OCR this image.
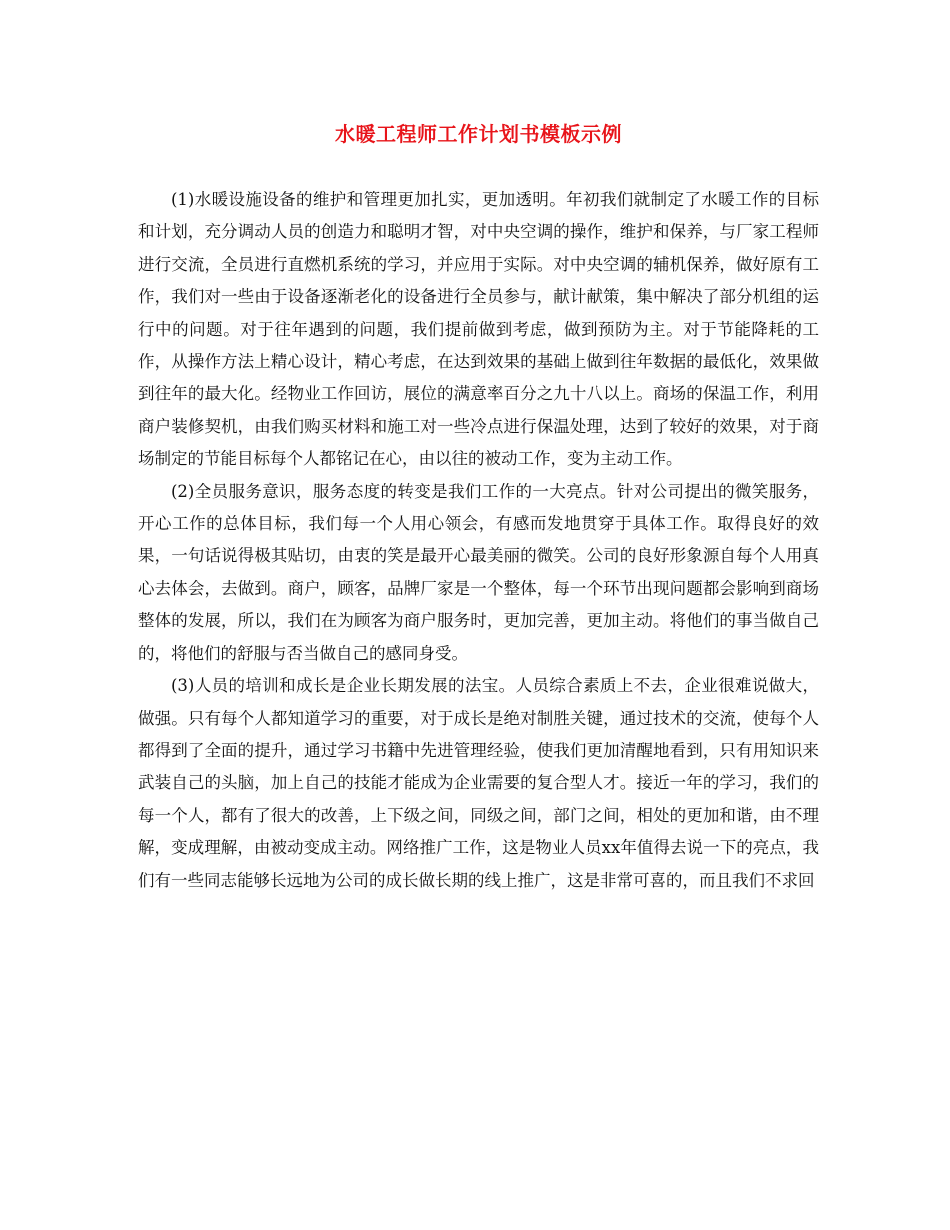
水暖工程师工作计划书模板示例

(1)水暖设施设备的维护和管理更加扎实，更加透明。年初我们就制定了水暖工作的目标和计划，充分调动人员的创造力和聪明才智，对中央空调的操作，维护和保养，与厂家工程师进行交流，全员进行直燃机系统的学习，并应用于实际。对中央空调的辅机保养，做好原有工作，我们对一些由于设备逐渐老化的设备进行全员参与，献计献策，集中解决了部分机组的运行中的问题。对于往年遇到的问题，我们提前做到考虑，做到预防为主。对于节能降耗的工作，从操作方法上精心设计，精心考虑，在达到效果的基础上做到往年数据的最低化，效果做到往年的最大化。经物业工作回访，展位的满意率百分之九十八以上。商场的保温工作，利用商户装修契机，由我们购买材料和施工对一些冷点进行保温处理，达到了较好的效果，对于商场制定的节能目标每个人都铭记在心，由以往的被动工作，变为主动工作。

(2)全员服务意识，服务态度的转变是我们工作的一大亮点。针对公司提出的微笑服务，开心工作的总体目标，我们每一个人用心领会，有感而发地贯穿于具体工作。取得良好的效果，一句话说得极其贴切，由衷的笑是最开心最美丽的微笑。公司的良好形象源自每个人用真心去体会，去做到。商户，顾客，品牌厂家是一个整体，每一个环节出现问题都会影响到商场整体的发展，所以，我们在为顾客为商户服务时，更加完善，更加主动。将他们的事当做自己的，将他们的舒服与否当做自己的感同身受。

(3)人员的培训和成长是企业长期发展的法宝。人员综合素质上不去，企业很难说做大，做强。只有每个人都知道学习的重要，对于成长是绝对制胜关键，通过技术的交流，使每个人都得到了全面的提升，通过学习书籍中先进管理经验，使我们更加清醒地看到，只有用知识来武装自己的头脑，加上自己的技能才能成为企业需要的复合型人才。接近一年的学习，我们的每一个人，都有了很大的改善，上下级之间，同级之间，部门之间，相处的更加和谐，由不理解，变成理解，由被动变成主动。网络推广工作，这是物业人员xx年值得去说一下的亮点，我们有一些同志能够长远地为公司的成长做长期的线上推广，这是非常可喜的，而且我们不求回
